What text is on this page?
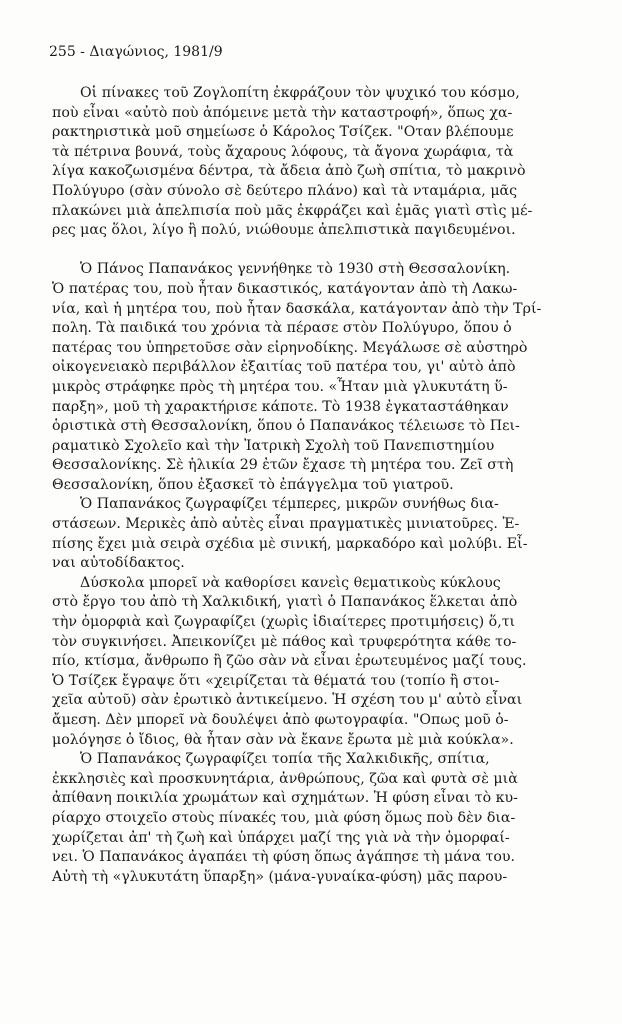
255 - Διαγώνιος, 1981/9
Οἱ πίνακες τοῦ Ζογλοπίτη ἐκφράζουν τὸν ψυχικό του κόσμο,
ποὺ εἶναι «αὐτὸ ποὺ ἀπόμεινε μετὰ τὴν καταστροφή», ὅπως χα-
ρακτηριστικὰ μοῦ σημείωσε ὁ Κάρολος Τσίζεκ. "Οταν βλέπουμε
τὰ πέτρινα βουνά, τοὺς ἄχαρους λόφους, τὰ ἄγονα χωράφια, τὰ
λίγα κακοζωισμένα δέντρα, τὰ ἄδεια ἀπὸ ζωὴ σπίτια, τὸ μακρινὸ
Πολύγυρο (σὰν σύνολο σὲ δεύτερο πλάνο) καὶ τὰ νταμάρια, μᾶς
πλακώνει μιὰ ἀπελπισία ποὺ μᾶς ἐκφράζει καὶ ἐμᾶς γιατὶ στὶς μέ-
ρες μας ὅλοι, λίγο ἢ πολύ, νιώθουμε ἀπελπιστικὰ παγιδευμένοι.
Ὁ Πάνος Παπανάκος γεννήθηκε τὸ 1930 στὴ Θεσσαλονίκη.
Ὁ πατέρας του, ποὺ ἦταν δικαστικός, κατάγονταν ἀπὸ τὴ Λακω-
νία, καὶ ἡ μητέρα του, ποὺ ἦταν δασκάλα, κατάγονταν ἀπὸ τὴν Τρί-
πολη. Τὰ παιδικά του χρόνια τὰ πέρασε στὸν Πολύγυρο, ὅπου ὁ
πατέρας του ὑπηρετοῦσε σὰν εἰρηνοδίκης. Μεγάλωσε σὲ αὐστηρὸ
οἰκογενειακὸ περιβάλλον ἐξαιτίας τοῦ πατέρα του, γι' αὐτὸ ἀπὸ
μικρὸς στράφηκε πρὸς τὴ μητέρα του. «Ἦταν μιὰ γλυκυτάτη ὕ-
παρξη», μοῦ τὴ χαρακτήρισε κάποτε. Τὸ 1938 ἐγκαταστάθηκαν
ὁριστικὰ στὴ Θεσσαλονίκη, ὅπου ὁ Παπανάκος τέλειωσε τὸ Πει-
ραματικὸ Σχολεῖο καὶ τὴν Ἰατρικὴ Σχολὴ τοῦ Πανεπιστημίου
Θεσσαλονίκης. Σὲ ἡλικία 29 ἐτῶν ἔχασε τὴ μητέρα του. Ζεῖ στὴ
Θεσσαλονίκη, ὅπου ἐξασκεῖ τὸ ἐπάγγελμα τοῦ γιατροῦ.
Ὁ Παπανάκος ζωγραφίζει τέμπερες, μικρῶν συνήθως δια-
στάσεων. Μερικὲς ἀπὸ αὐτὲς εἶναι πραγματικὲς μινιατοῦρες. Ἐ-
πίσης ἔχει μιὰ σειρὰ σχέδια μὲ σινική, μαρκαδόρο καὶ μολύβι. Εἶ-
ναι αὐτοδίδακτος.
Δύσκολα μπορεῖ νὰ καθορίσει κανεὶς θεματικοὺς κύκλους
στὸ ἔργο του ἀπὸ τὴ Χαλκιδική, γιατὶ ὁ Παπανάκος ἕλκεται ἀπὸ
τὴν ὀμορφιὰ καὶ ζωγραφίζει (χωρὶς ἰδιαίτερες προτιμήσεις) ὅ,τι
τὸν συγκινήσει. Ἀπεικονίζει μὲ πάθος καὶ τρυφερότητα κάθε το-
πίο, κτίσμα, ἄνθρωπο ἢ ζῶο σὰν νὰ εἶναι ἐρωτευμένος μαζί τους.
Ὁ Τσίζεκ ἔγραψε ὅτι «χειρίζεται τὰ θέματά του (τοπίο ἢ στοι-
χεῖα αὐτοῦ) σὰν ἐρωτικὸ ἀντικείμενο. Ἡ σχέση του μ' αὐτὸ εἶναι
ἄμεση. Δὲν μπορεῖ νὰ δουλέψει ἀπὸ φωτογραφία. "Οπως μοῦ ὁ-
μολόγησε ὁ ἴδιος, θὰ ἦταν σὰν νὰ ἔκανε ἔρωτα μὲ μιὰ κούκλα».
Ὁ Παπανάκος ζωγραφίζει τοπία τῆς Χαλκιδικῆς, σπίτια,
ἐκκλησιὲς καὶ προσκυνητάρια, ἀνθρώπους, ζῶα καὶ φυτὰ σὲ μιὰ
ἀπίθανη ποικιλία χρωμάτων καὶ σχημάτων. Ἡ φύση εἶναι τὸ κυ-
ρίαρχο στοιχεῖο στοὺς πίνακές του, μιὰ φύση ὅμως ποὺ δὲν δια-
χωρίζεται ἀπ' τὴ ζωὴ καὶ ὑπάρχει μαζί της γιὰ νὰ τὴν ὀμορφαί-
νει. Ὁ Παπανάκος ἀγαπάει τὴ φύση ὅπως ἀγάπησε τὴ μάνα του.
Αὐτὴ τὴ «γλυκυτάτη ὕπαρξη» (μάνα-γυναίκα-φύση) μᾶς παρου-
